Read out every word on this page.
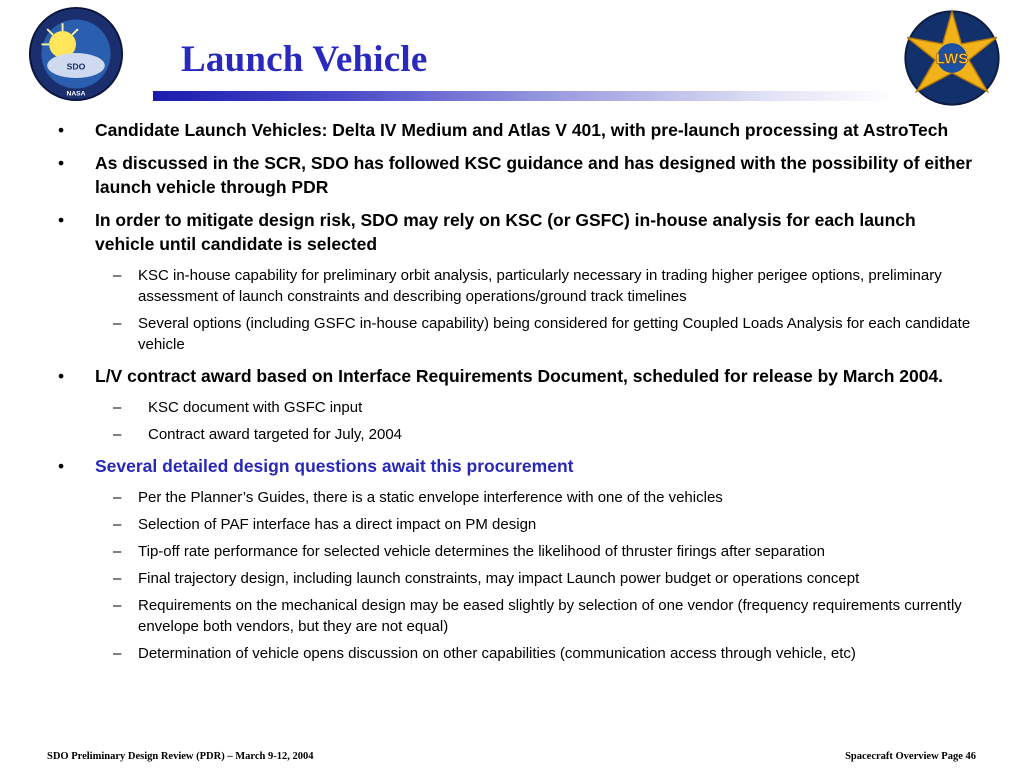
SDO
NASA
LWS
Launch Vehicle
• Candidate Launch Vehicles: Delta IV Medium and Atlas V 401, with pre-launch processing at AstroTech
• As discussed in the SCR, SDO has followed KSC guidance and has designed with the possibility of either launch vehicle through PDR
• In order to mitigate design risk, SDO may rely on KSC (or GSFC) in-house analysis for each launch vehicle until candidate is selected
– KSC in-house capability for preliminary orbit analysis, particularly necessary in trading higher perigee options, preliminary assessment of launch constraints and describing operations/ground track timelines
– Several options (including GSFC in-house capability) being considered for getting Coupled Loads Analysis for each candidate vehicle
• L/V contract award based on Interface Requirements Document, scheduled for release by March 2004.
– KSC document with GSFC input
– Contract award targeted for July, 2004
• Several detailed design questions await this procurement
– Per the Planner’s Guides, there is a static envelope interference with one of the vehicles
– Selection of PAF interface has a direct impact on PM design
– Tip-off rate performance for selected vehicle determines the likelihood of thruster firings after separation
– Final trajectory design, including launch constraints, may impact Launch power budget or operations concept
– Requirements on the mechanical design may be eased slightly by selection of one vendor (frequency requirements currently envelope both vendors, but they are not equal)
– Determination of vehicle opens discussion on other capabilities (communication access through vehicle, etc)
SDO Preliminary Design Review (PDR) – March 9-12, 2004	Spacecraft Overview Page 46
